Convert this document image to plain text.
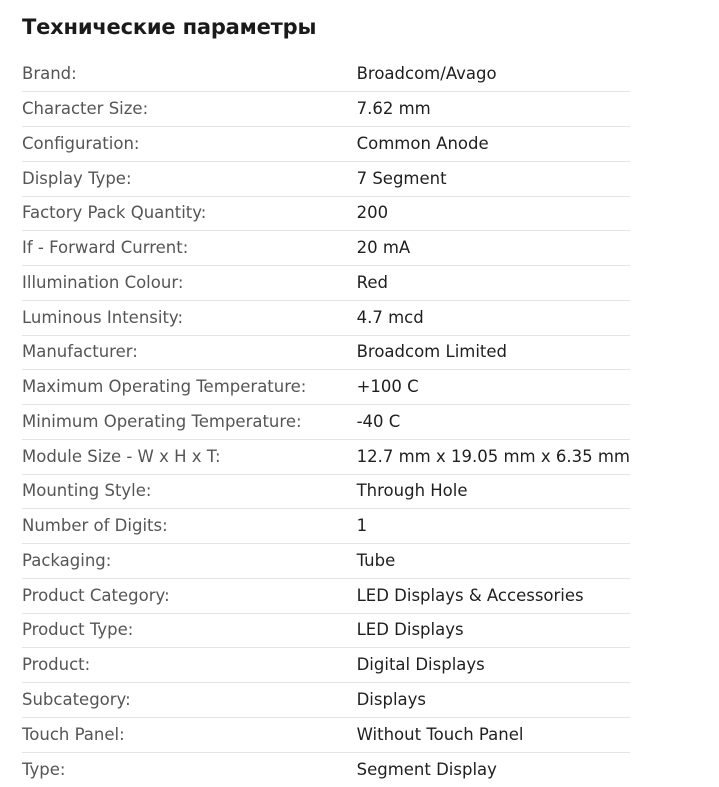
Технические параметры
Brand:	Broadcom/Avago
Character Size:	7.62 mm
Configuration:	Common Anode
Display Type:	7 Segment
Factory Pack Quantity:	200
If - Forward Current:	20 mA
Illumination Colour:	Red
Luminous Intensity:	4.7 mcd
Manufacturer:	Broadcom Limited
Maximum Operating Temperature:	+100 C
Minimum Operating Temperature:	-40 C
Module Size - W x H x T:	12.7 mm x 19.05 mm x 6.35 mm
Mounting Style:	Through Hole
Number of Digits:	1
Packaging:	Tube
Product Category:	LED Displays & Accessories
Product Type:	LED Displays
Product:	Digital Displays
Subcategory:	Displays
Touch Panel:	Without Touch Panel
Type:	Segment Display
